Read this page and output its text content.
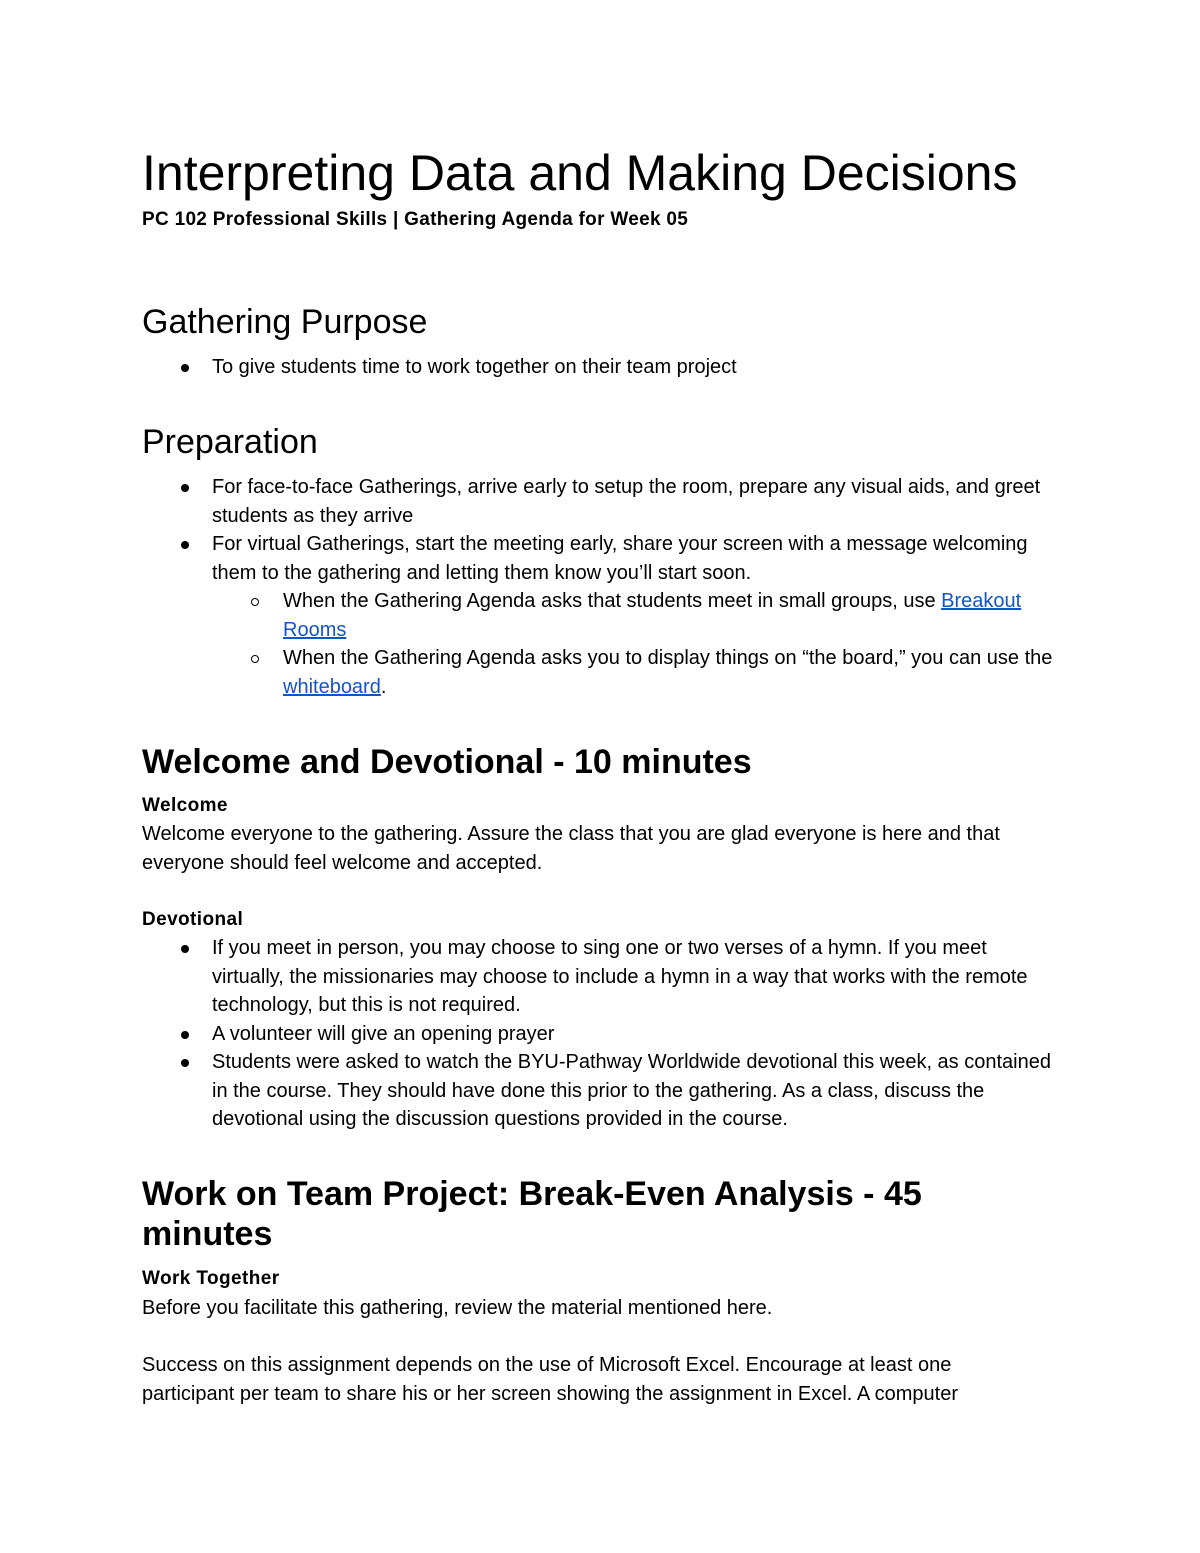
Interpreting Data and Making Decisions
PC 102 Professional Skills | Gathering Agenda for Week 05
Gathering Purpose
To give students time to work together on their team project
Preparation
For face-to-face Gatherings, arrive early to setup the room, prepare any visual aids, and greet students as they arrive
For virtual Gatherings, start the meeting early, share your screen with a message welcoming them to the gathering and letting them know you’ll start soon.
When the Gathering Agenda asks that students meet in small groups, use Breakout Rooms
When the Gathering Agenda asks you to display things on “the board,” you can use the whiteboard.
Welcome and Devotional - 10 minutes
Welcome

Welcome everyone to the gathering. Assure the class that you are glad everyone is here and that everyone should feel welcome and accepted.

Devotional
If you meet in person, you may choose to sing one or two verses of a hymn. If you meet virtually, the missionaries may choose to include a hymn in a way that works with the remote technology, but this is not required.
A volunteer will give an opening prayer
Students were asked to watch the BYU-Pathway Worldwide devotional this week, as contained in the course. They should have done this prior to the gathering. As a class, discuss the devotional using the discussion questions provided in the course.
Work on Team Project: Break-Even Analysis - 45 minutes
Work Together

Before you facilitate this gathering, review the material mentioned here.

Success on this assignment depends on the use of Microsoft Excel. Encourage at least one participant per team to share his or her screen showing the assignment in Excel. A computer
